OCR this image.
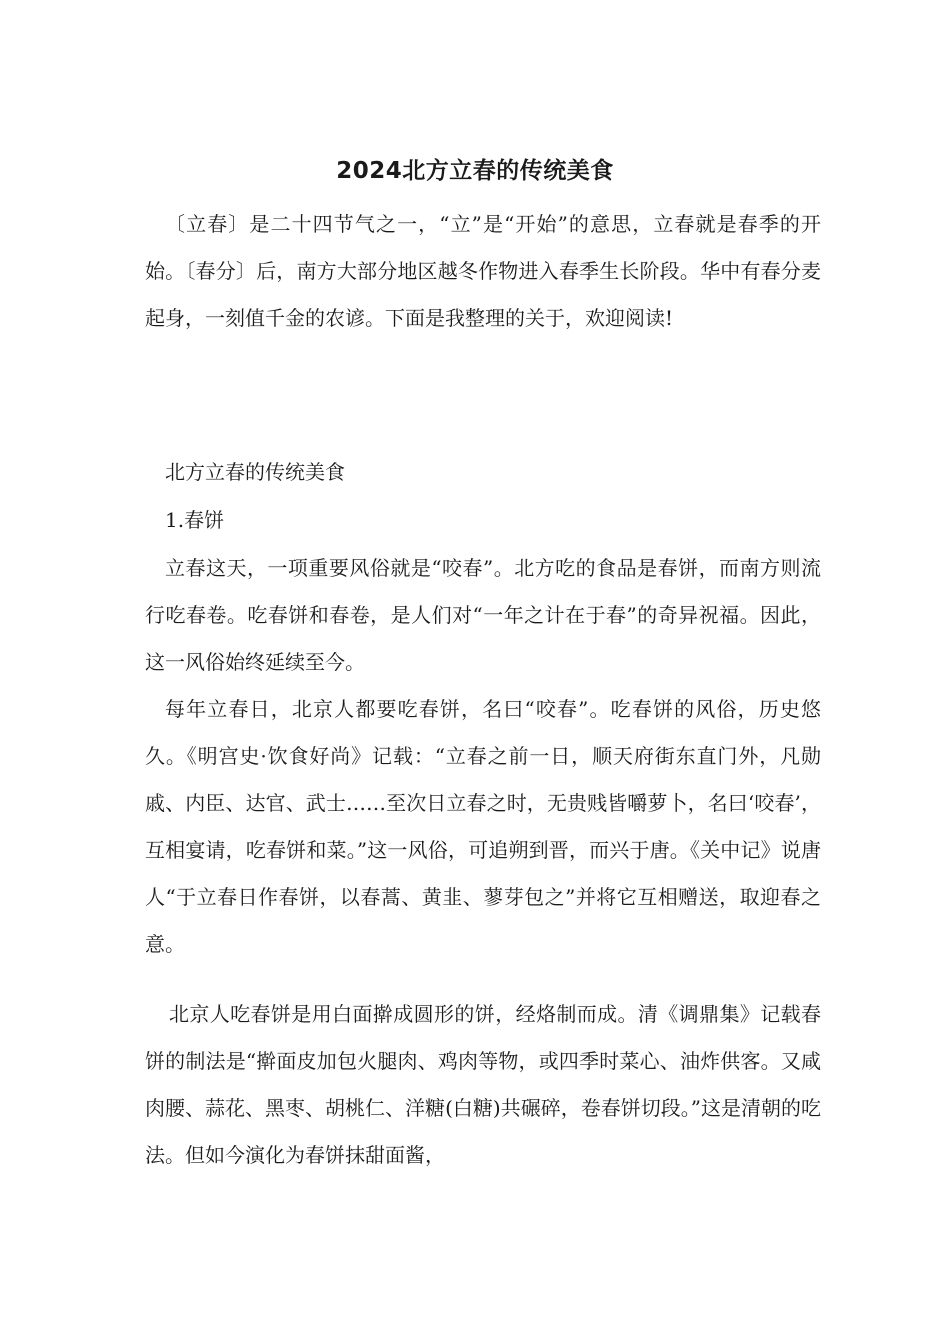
2024北方立春的传统美食

〔立春〕是二十四节气之一，“立”是“开始”的意思，立春就是春季的开始。〔春分〕后，南方大部分地区越冬作物进入春季生长阶段。华中有春分麦起身，一刻值千金的农谚。下面是我整理的关于，欢迎阅读!

北方立春的传统美食

1.春饼

立春这天，一项重要风俗就是“咬春”。北方吃的食品是春饼，而南方则流行吃春卷。吃春饼和春卷，是人们对“一年之计在于春”的奇异祝福。因此，这一风俗始终延续至今。

每年立春日，北京人都要吃春饼，名曰“咬春”。吃春饼的风俗，历史悠久。《明宫史·饮食好尚》记载：“立春之前一日，顺天府街东直门外，凡勋戚、内臣、达官、武士……至次日立春之时，无贵贱皆嚼萝卜，名曰‘咬春’，互相宴请，吃春饼和菜。”这一风俗，可追朔到晋，而兴于唐。《关中记》说唐人“于立春日作春饼，以春蒿、黄韭、蓼芽包之”并将它互相赠送，取迎春之意。

北京人吃春饼是用白面擀成圆形的饼，经烙制而成。清《调鼎集》记载春饼的制法是“擀面皮加包火腿肉、鸡肉等物，或四季时菜心、油炸供客。又咸肉腰、蒜花、黑枣、胡桃仁、洋糖(白糖)共碾碎，卷春饼切段。”这是清朝的吃法。但如今演化为春饼抹甜面酱，
